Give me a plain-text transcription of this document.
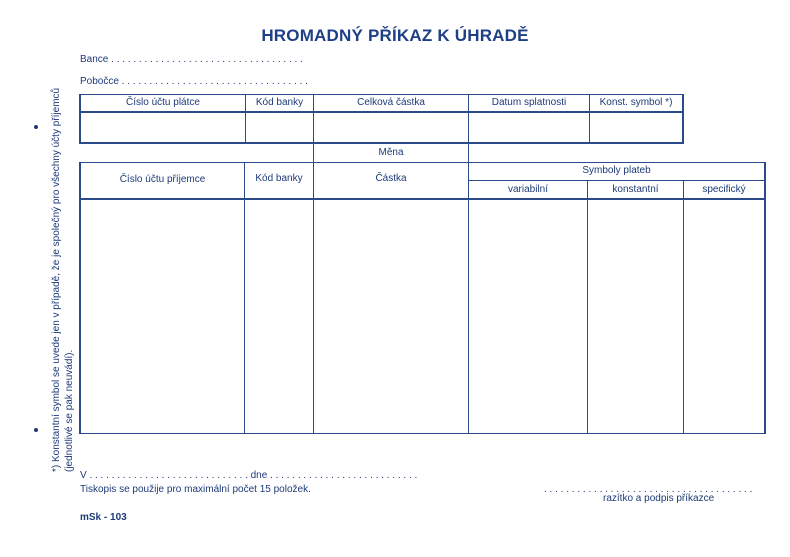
HROMADNÝ PŘÍKAZ K ÚHRADĚ
Bance . . . . . . . . . . . . . . . . . . . . . . . . . . . . . . . . . . .
Pobočce . . . . . . . . . . . . . . . . . . . . . . . . . . . . . . . . . .
Číslo účtu plátce	Kód banky	Celková částka	Datum splatnosti	Konst. symbol *)
Měna
Číslo účtu příjemce	Kód banky	Částka
Symboly plateb
variabilní	konstantní	specifický
*) Konstantní symbol se uvede jen v případě, že je společný pro všechny účty příjemců (jednotlivé se pak neuvádí).
V . . . . . . . . . . . . . . . . . . . . . . . . . . . . . dne . . . . . . . . . . . . . . . . . . . . . . . . . . .
Tiskopis se použije pro maximální počet 15 položek.	. . . . . . . . . . . . . . . . . . . . . . . . . . . . . . . . . . . . . .
razítko a podpis příkazce
mSk - 103
